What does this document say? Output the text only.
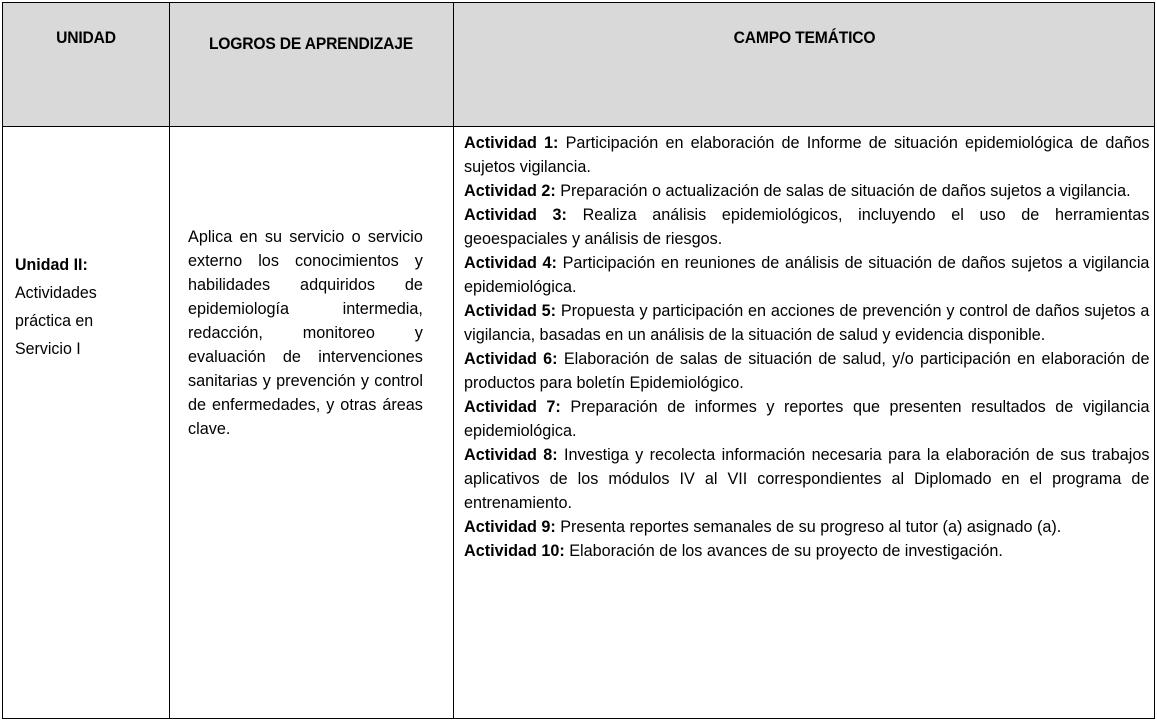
UNIDAD	LOGROS DE APRENDIZAJE	CAMPO TEMÁTICO
Unidad II:
Actividades
práctica en
Servicio I
Aplica en su servicio o servicio externo los conocimientos y habilidades adquiridos de epidemiología intermedia, redacción, monitoreo y evaluación de intervenciones sanitarias y prevención y control de enfermedades, y otras áreas clave.

Actividad 1: Participación en elaboración de Informe de situación epidemiológica de daños sujetos vigilancia.

Actividad 2: Preparación o actualización de salas de situación de daños sujetos a vigilancia.

Actividad 3: Realiza análisis epidemiológicos, incluyendo el uso de herramientas geoespaciales y análisis de riesgos.

Actividad 4: Participación en reuniones de análisis de situación de daños sujetos a vigilancia epidemiológica.

Actividad 5: Propuesta y participación en acciones de prevención y control de daños sujetos a vigilancia, basadas en un análisis de la situación de salud y evidencia disponible.

Actividad 6: Elaboración de salas de situación de salud, y/o participación en elaboración de productos para boletín Epidemiológico.

Actividad 7: Preparación de informes y reportes que presenten resultados de vigilancia epidemiológica.

Actividad 8: Investiga y recolecta información necesaria para la elaboración de sus trabajos aplicativos de los módulos IV al VII correspondientes al Diplomado en el programa de entrenamiento.

Actividad 9: Presenta reportes semanales de su progreso al tutor (a) asignado (a).

Actividad 10: Elaboración de los avances de su proyecto de investigación.
